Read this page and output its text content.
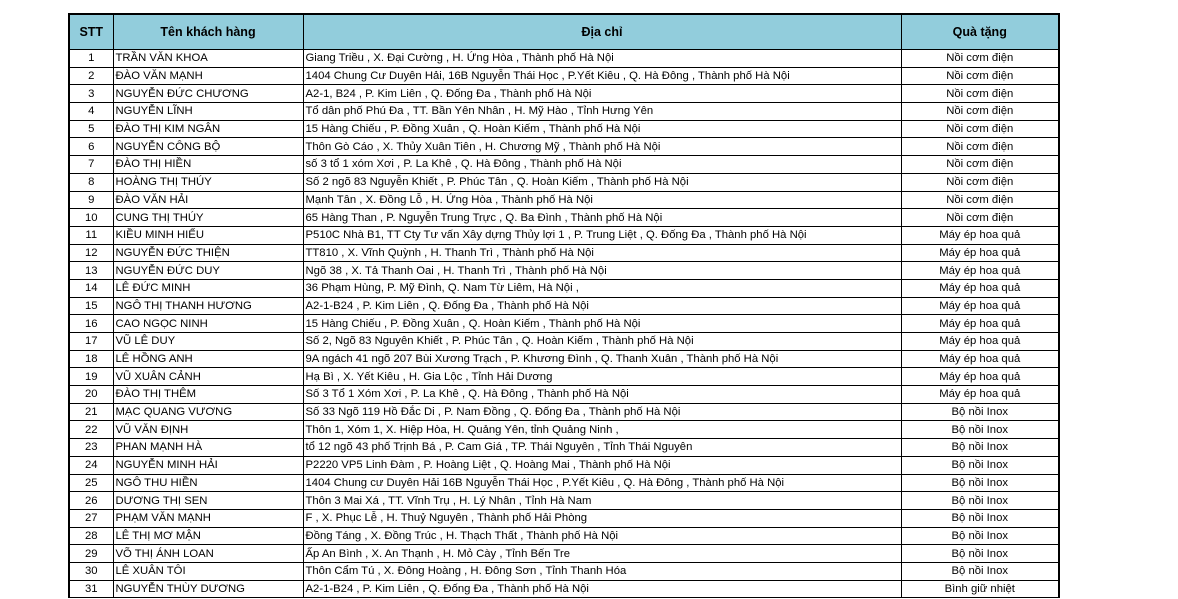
STT	Tên khách hàng	Địa chỉ	Quà tặng
1	TRẦN VĂN KHOA	Giang Triều , X. Đại Cường , H. Ứng Hòa , Thành phố Hà Nội	Nồi cơm điện
2	ĐÀO VĂN MẠNH	1404 Chung Cư Duyên Hải, 16B Nguyễn Thái Học , P.Yết Kiêu , Q. Hà Đông , Thành phố Hà Nội	Nồi cơm điện
3	NGUYỄN ĐỨC CHƯƠNG	A2-1, B24 , P. Kim Liên , Q. Đống Đa , Thành phố Hà Nội	Nồi cơm điện
4	NGUYỄN LĨNH	Tổ dân phố Phú Đa , TT. Bần Yên Nhân , H. Mỹ Hào , Tỉnh Hưng Yên	Nồi cơm điện
5	ĐÀO THỊ KIM NGÂN	15 Hàng Chiếu , P. Đồng Xuân , Q. Hoàn Kiếm , Thành phố Hà Nội	Nồi cơm điện
6	NGUYỄN CÔNG BỘ	Thôn Gò Cáo , X. Thủy Xuân Tiên , H. Chương Mỹ , Thành phố Hà Nội	Nồi cơm điện
7	ĐÀO THỊ HIỀN	số 3 tổ 1 xóm Xơi , P. La Khê , Q. Hà Đông , Thành phố Hà Nội	Nồi cơm điện
8	HOÀNG THỊ THÚY	Số 2 ngõ 83 Nguyễn Khiết , P. Phúc Tân , Q. Hoàn Kiếm , Thành phố Hà Nội	Nồi cơm điện
9	ĐÀO VĂN HẢI	Mạnh Tân , X. Đồng Lỗ , H. Ứng Hòa , Thành phố Hà Nội	Nồi cơm điện
10	CUNG THỊ THÚY	65 Hàng Than , P. Nguyễn Trung Trực , Q. Ba Đình , Thành phố Hà Nội	Nồi cơm điện
11	KIỀU MINH HIẾU	P510C Nhà B1, TT Cty Tư vấn Xây dựng Thủy lợi 1 , P. Trung Liệt , Q. Đống Đa , Thành phố Hà Nội	Máy ép hoa quả
12	NGUYỄN ĐỨC THIỆN	TT810 , X. Vĩnh Quỳnh , H. Thanh Trì , Thành phố Hà Nội	Máy ép hoa quả
13	NGUYỄN ĐỨC DUY	Ngõ 38 , X. Tả Thanh Oai , H. Thanh Trì , Thành phố Hà Nội	Máy ép hoa quả
14	LÊ ĐỨC MINH	36 Phạm Hùng, P. Mỹ Đình, Q. Nam Từ Liêm, Hà Nội ,	Máy ép hoa quả
15	NGÔ THỊ THANH HƯƠNG	A2-1-B24 , P. Kim Liên , Q. Đống Đa , Thành phố Hà Nội	Máy ép hoa quả
16	CAO NGỌC NINH	15 Hàng Chiếu , P. Đồng Xuân , Q. Hoàn Kiếm , Thành phố Hà Nội	Máy ép hoa quả
17	VŨ LÊ DUY	Số 2, Ngõ 83 Nguyên Khiết , P. Phúc Tân , Q. Hoàn Kiếm , Thành phố Hà Nội	Máy ép hoa quả
18	LÊ HỒNG ANH	9A ngách 41 ngõ 207 Bùi Xương Trạch , P. Khương Đình , Q. Thanh Xuân , Thành phố Hà Nội	Máy ép hoa quả
19	VŨ XUÂN CẢNH	Hạ Bì , X. Yết Kiêu , H. Gia Lộc , Tỉnh Hải Dương	Máy ép hoa quả
20	ĐÀO THỊ THÊM	Số 3 Tổ 1 Xóm Xơi , P. La Khê , Q. Hà Đông , Thành phố Hà Nội	Máy ép hoa quả
21	MẠC QUANG VƯƠNG	Số 33 Ngõ 119 Hồ Đắc Di , P. Nam Đồng , Q. Đống Đa , Thành phố Hà Nội	Bộ nồi Inox
22	VŨ VĂN ĐỊNH	Thôn 1, Xóm 1, X. Hiệp Hòa, H. Quảng Yên, tỉnh Quảng Ninh ,	Bộ nồi Inox
23	PHAN MẠNH HÀ	tổ 12 ngõ 43 phố Trịnh Bá , P. Cam Giá , TP. Thái Nguyên , Tỉnh Thái Nguyên	Bộ nồi Inox
24	NGUYỄN MINH HẢI	P2220 VP5 Linh Đàm , P. Hoàng Liệt , Q. Hoàng Mai , Thành phố Hà Nội	Bộ nồi Inox
25	NGÔ THU HIỀN	1404 Chung cư Duyên Hải 16B Nguyễn Thái Học , P.Yết Kiêu , Q. Hà Đông , Thành phố Hà Nội	Bộ nồi Inox
26	DƯƠNG THỊ SEN	Thôn 3 Mai Xá , TT. Vĩnh Trụ , H. Lý Nhân , Tỉnh Hà Nam	Bộ nồi Inox
27	PHẠM VĂN MẠNH	F , X. Phục Lễ , H. Thuỷ Nguyên , Thành phố Hải Phòng	Bộ nồi Inox
28	LÊ THỊ MƠ MẬN	Đồng Táng , X. Đồng Trúc , H. Thạch Thất , Thành phố Hà Nội	Bộ nồi Inox
29	VÕ THỊ ÁNH LOAN	Ấp An Bình , X. An Thạnh , H. Mỏ Cày , Tỉnh Bến Tre	Bộ nồi Inox
30	LÊ XUÂN TÔI	Thôn Cẩm Tú , X. Đông Hoàng , H. Đông Sơn , Tỉnh Thanh Hóa	Bộ nồi Inox
31	NGUYỄN THÙY DƯƠNG	A2-1-B24 , P. Kim Liên , Q. Đống Đa , Thành phố Hà Nội	Bình giữ nhiệt
